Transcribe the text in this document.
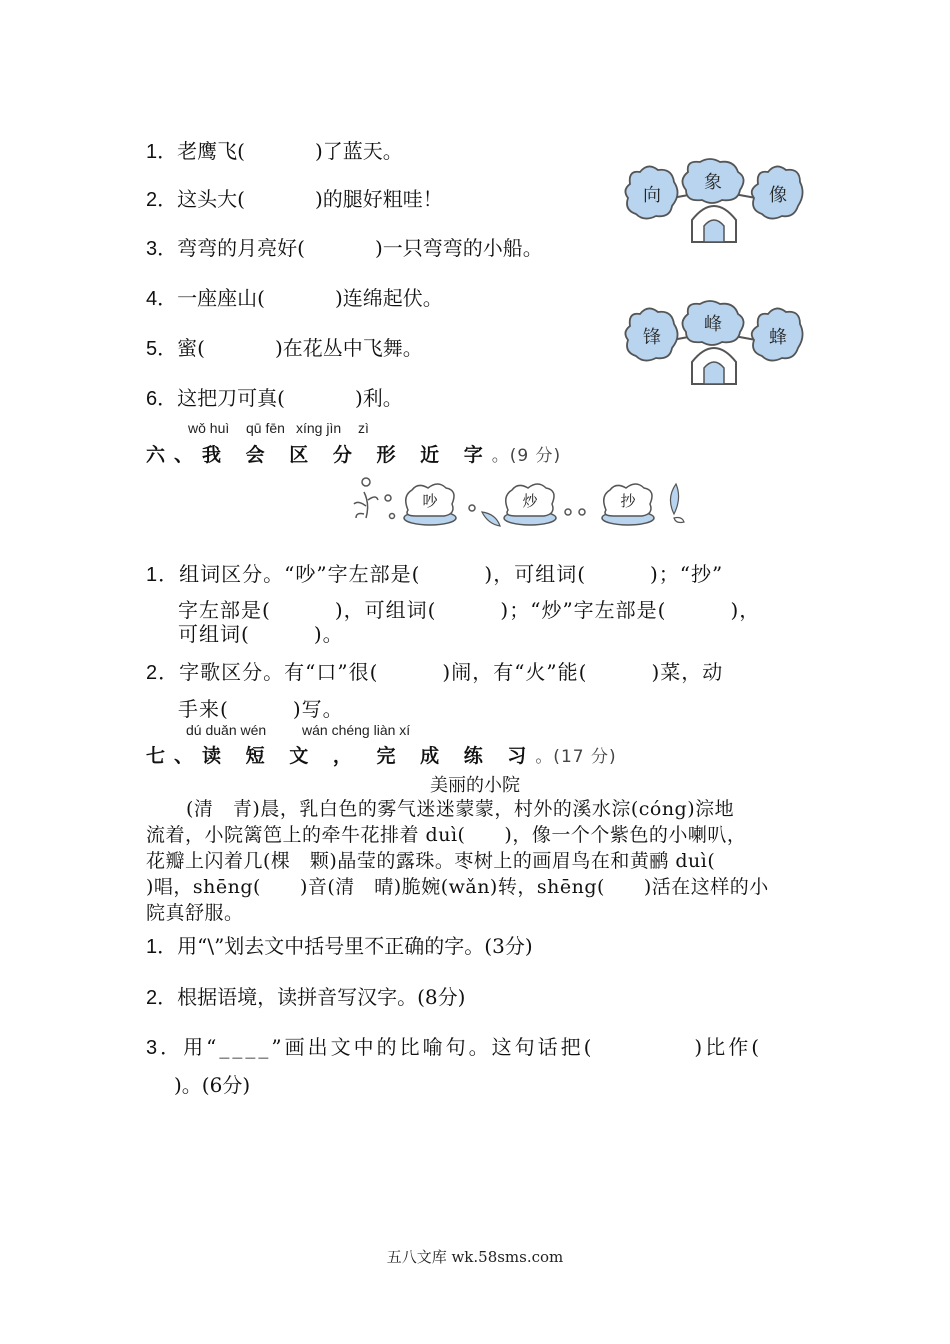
1．老鹰飞(	)了蓝天。
2．这头大(	)的腿好粗哇！
3．弯弯的月亮好(	)一只弯弯的小船。
4．一座座山(	)连绵起伏。
5．蜜(	)在花丛中飞舞。
6．这把刀可真(	)利。
向
象
像
锋
峰
蜂
wǒ huì qū fēn xíng jìn zì
六、我 会 区 分 形 近 字。(9 分)
吵	炒	抄
1．组词区分。“吵”字左部是(	)，可组词(	)；“抄”
字左部是(	)，可组词(	)；“炒”字左部是(	)，
可组词(	)。
2．字歌区分。有“口”很(	)闹，有“火”能(	)菜，动
手来(	)写。
dú duǎn wén	wán chéng liàn xí
七、读 短 文 ， 完 成 练 习。(17 分)
美丽的小院
(清　青)晨，乳白色的雾气迷迷蒙蒙，村外的溪水淙(cóng)淙地
流着，小院篱笆上的牵牛花排着 duì(　　)，像一个个紫色的小喇叭，
花瓣上闪着几(棵　颗)晶莹的露珠。枣树上的画眉鸟在和黄鹂 duì(
)唱，shēng(　　)音(清　晴)脆婉(wǎn)转，shēng(　　)活在这样的小
院真舒服。
1．用“\”划去文中括号里不正确的字。(3分)
2．根据语境，读拼音写汉字。(8分)
3．用“____”画出文中的比喻句。这句话把(	)比作(
)。(6分)
五八文库 wk.58sms.com
